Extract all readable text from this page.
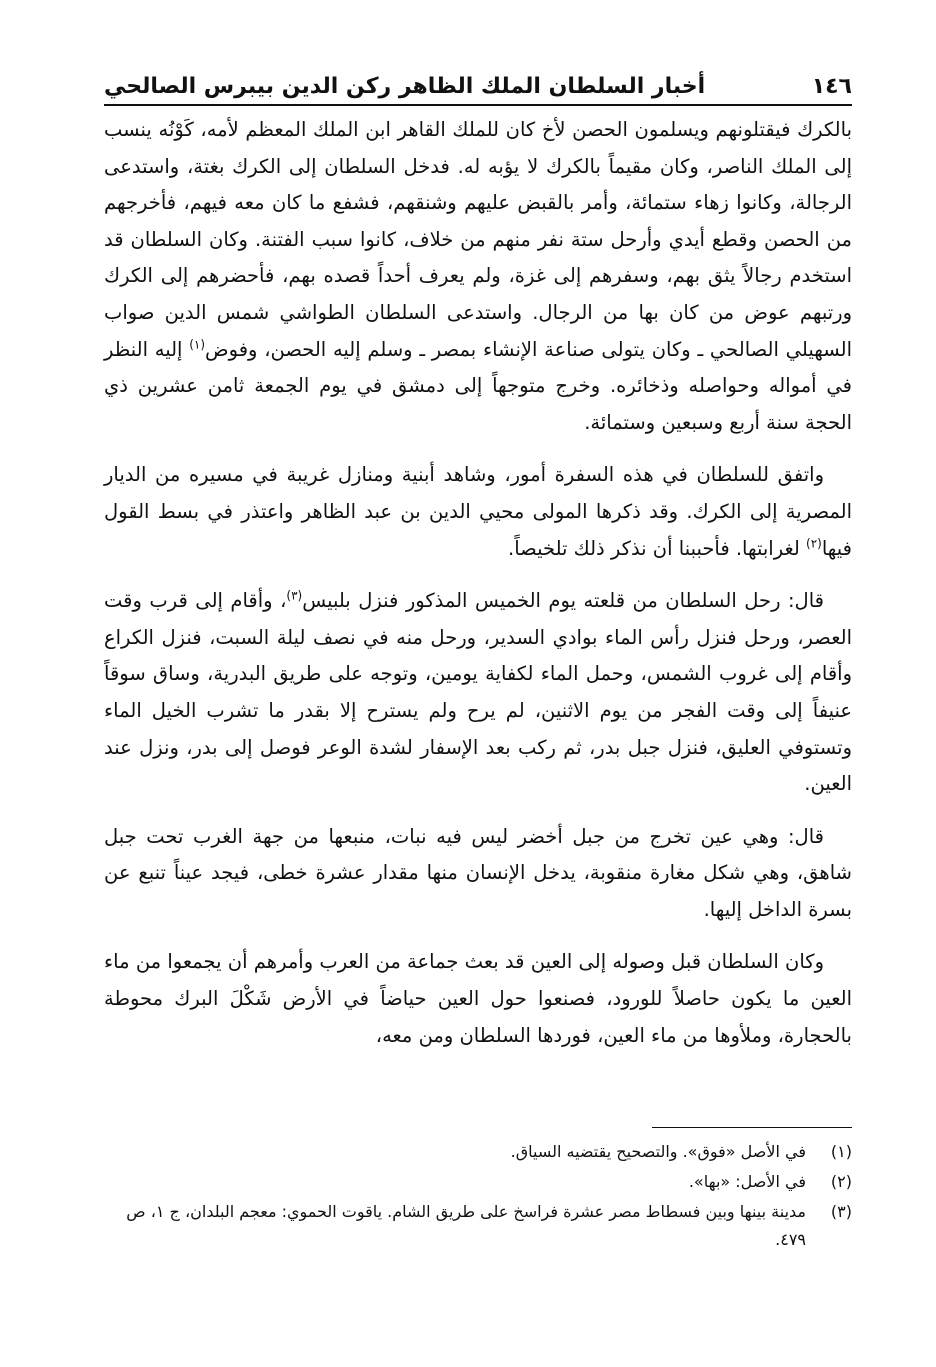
١٤٦
أخبار السلطان الملك الظاهر ركن الدين بيبرس الصالحي

بالكرك فيقتلونهم ويسلمون الحصن لأخ كان للملك القاهر ابن الملك المعظم لأمه، كَوْنُه ينسب إلى الملك الناصر، وكان مقيماً بالكرك لا يؤبه له. فدخل السلطان إلى الكرك بغتة، واستدعى الرجالة، وكانوا زهاء ستمائة، وأمر بالقبض عليهم وشنقهم، فشفع ما كان معه فيهم، فأخرجهم من الحصن وقطع أيدي وأرحل ستة نفر منهم من خلاف، كانوا سبب الفتنة. وكان السلطان قد استخدم رجالاً يثق بهم، وسفرهم إلى غزة، ولم يعرف أحداً قصده بهم، فأحضرهم إلى الكرك ورتبهم عوض من كان بها من الرجال. واستدعى السلطان الطواشي شمس الدين صواب السهيلي الصالحي ـ وكان يتولى صناعة الإنشاء بمصر ـ وسلم إليه الحصن، وفوض$^{(١)}$ إليه النظر في أمواله وحواصله وذخائره. وخرج متوجهاً إلى دمشق في يوم الجمعة ثامن عشرين ذي الحجة سنة أربع وسبعين وستمائة.

واتفق للسلطان في هذه السفرة أمور، وشاهد أبنية ومنازل غريبة في مسيره من الديار المصرية إلى الكرك. وقد ذكرها المولى محيي الدين بن عبد الظاهر واعتذر في بسط القول فيها$^{(٢)}$ لغرابتها. فأحببنا أن نذكر ذلك تلخيصاً.

قال: رحل السلطان من قلعته يوم الخميس المذكور فنزل بلبيس$^{(٣)}$، وأقام إلى قرب وقت العصر، ورحل فنزل رأس الماء بوادي السدير، ورحل منه في نصف ليلة السبت، فنزل الكراع وأقام إلى غروب الشمس، وحمل الماء لكفاية يومين، وتوجه على طريق البدرية، وساق سوقاً عنيفاً إلى وقت الفجر من يوم الاثنين، لم يرح ولم يسترح إلا بقدر ما تشرب الخيل الماء وتستوفي العليق، فنزل جبل بدر، ثم ركب بعد الإسفار لشدة الوعر فوصل إلى بدر، ونزل عند العين.

قال: وهي عين تخرج من جبل أخضر ليس فيه نبات، منبعها من جهة الغرب تحت جبل شاهق، وهي شكل مغارة منقوبة، يدخل الإنسان منها مقدار عشرة خطى، فيجد عيناً تنبع عن بسرة الداخل إليها.

وكان السلطان قبل وصوله إلى العين قد بعث جماعة من العرب وأمرهم أن يجمعوا من ماء العين ما يكون حاصلاً للورود، فصنعوا حول العين حياضاً في الأرض شَكْلَ البرك محوطة بالحجارة، وملأوها من ماء العين، فوردها السلطان ومن معه،

(١)
في الأصل «فوق». والتصحيح يقتضيه السياق.
(٢)
في الأصل: «بها».
(٣)
مدينة بينها وبين فسطاط مصر عشرة فراسخ على طريق الشام. ياقوت الحموي: معجم البلدان، ج ١، ص ٤٧٩.
